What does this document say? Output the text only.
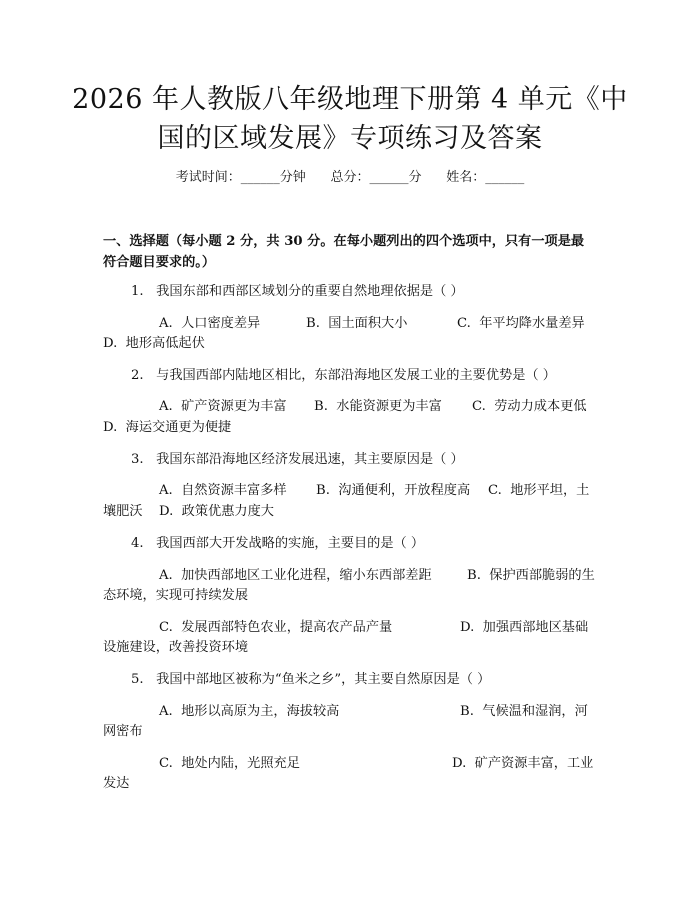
2026 年人教版八年级地理下册第 4 单元《中
国的区域发展》专项练习及答案
考试时间：______分钟      总分：______分      姓名：______
一、选择题（每小题 2 分，共 30 分。在每小题列出的四个选项中，只有一项是最
符合题目要求的。）
1.   我国东部和西部区域划分的重要自然地理依据是（ ）
A.  人口密度差异	B.  国土面积大小	C.  年平均降水量差异
D.  地形高低起伏
2.   与我国西部内陆地区相比，东部沿海地区发展工业的主要优势是（ ）
A.  矿产资源更为丰富 B.  水能资源更为丰富 C.  劳动力成本更低
D.  海运交通更为便捷
3.   我国东部沿海地区经济发展迅速，其主要原因是（ ）
A.  自然资源丰富多样 B.  沟通便利，开放程度高 C.  地形平坦，土
壤肥沃 D.  政策优惠力度大
4.   我国西部大开发战略的实施，主要目的是（ ）
A.  加快西部地区工业化进程，缩小东西部差距	B.  保护西部脆弱的生
态环境，实现可持续发展
C.  发展西部特色农业，提高农产品产量	D.  加强西部地区基础
设施建设，改善投资环境
5.   我国中部地区被称为“鱼米之乡”，其主要自然原因是（ ）
A.  地形以高原为主，海拔较高	B.  气候温和湿润，河
网密布
C.  地处内陆，光照充足	D.  矿产资源丰富，工业
发达
